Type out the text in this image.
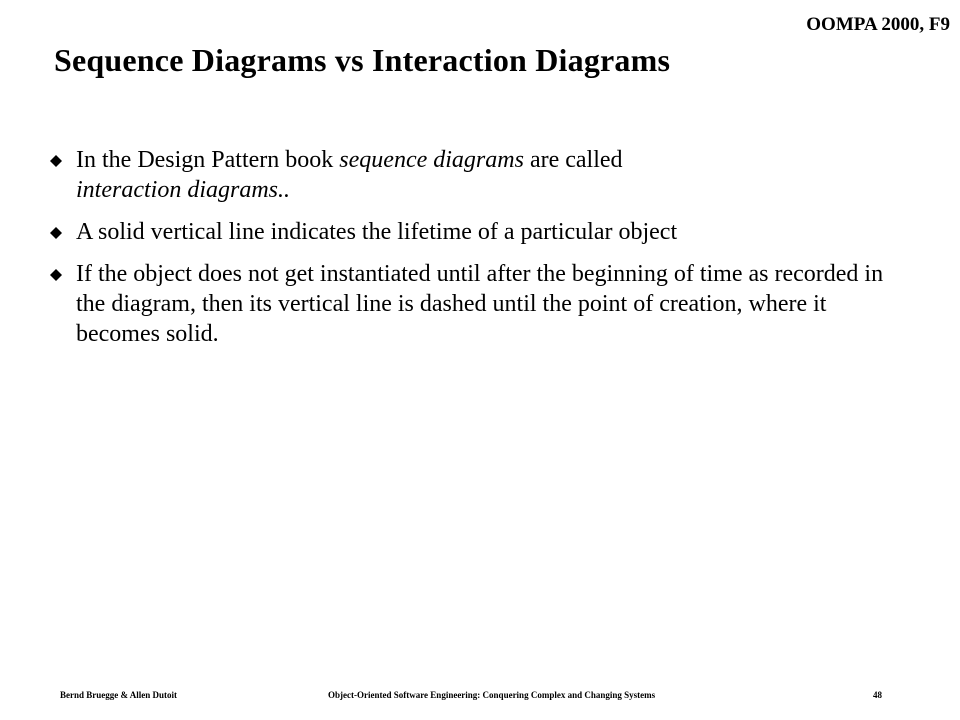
OOMPA 2000, F9
Sequence Diagrams vs Interaction Diagrams
In the Design Pattern book sequence diagrams are called
interaction diagrams..
A solid vertical line indicates the lifetime of a particular object
If the object does not get instantiated until after the beginning of time as recorded in the diagram, then its vertical line is dashed until the point of creation, where it becomes solid.
Bernd Bruegge & Allen Dutoit	Object-Oriented Software Engineering: Conquering Complex and Changing Systems	48
